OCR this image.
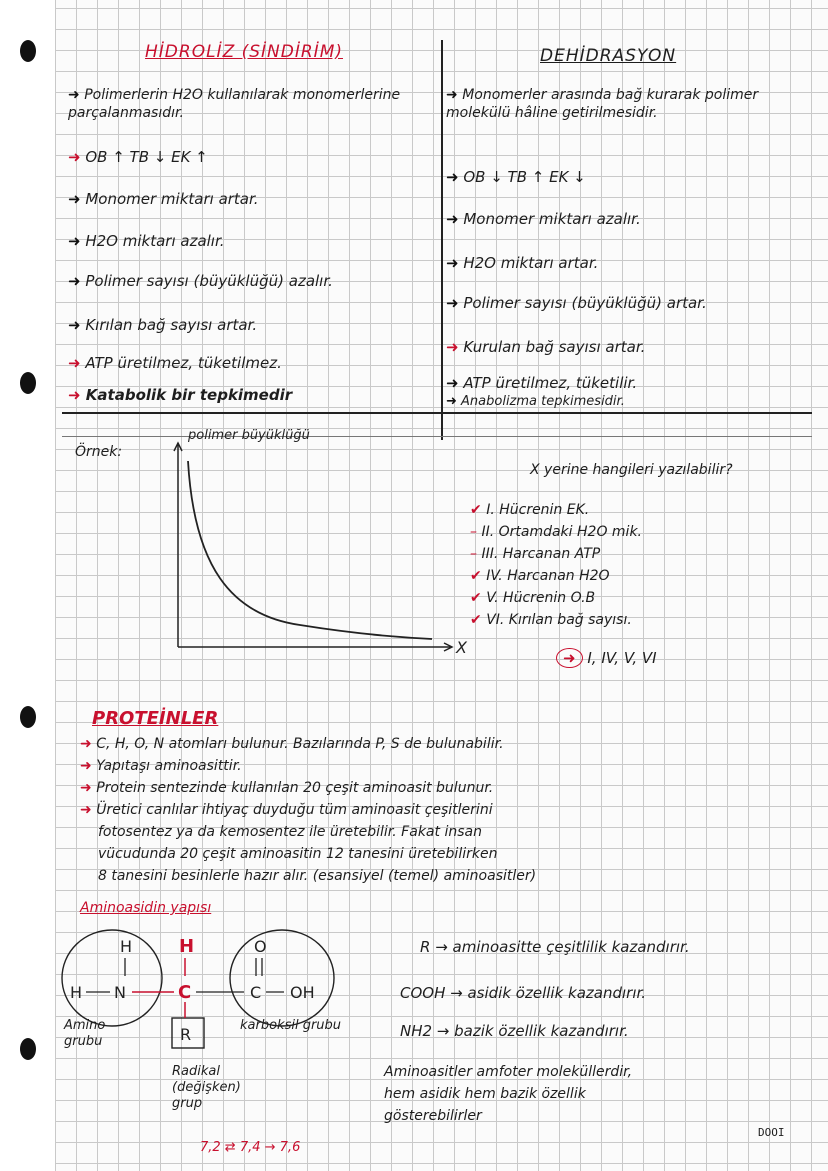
HİDROLİZ (SİNDİRİM)
➜ Polimerlerin H2O kullanılarak monomerlerine parçalanmasıdır.
➜ OB ↑ TB ↓ EK ↑
➜ Monomer miktarı artar.
➜ H2O miktarı azalır.
➜ Polimer sayısı (büyüklüğü) azalır.
➜ Kırılan bağ sayısı artar.
➜ ATP üretilmez, tüketilmez.
➜ Katabolik bir tepkimedir
DEHİDRASYON
➜ Monomerler arasında bağ kurarak polimer molekülü hâline getirilmesidir.
➜ OB ↓ TB ↑ EK ↓
➜ Monomer miktarı azalır.
➜ H2O miktarı artar.
➜ Polimer sayısı (büyüklüğü) artar.
➜ Kurulan bağ sayısı artar.
➜ ATP üretilmez, tüketilir.
➜ Anabolizma tepkimesidir.
Örnek:
polimer büyüklüğü
X
X yerine hangileri yazılabilir?
✔ I. Hücrenin EK.
– II. Ortamdaki H2O mik.
– III. Harcanan ATP
✔ IV. Harcanan H2O
✔ V. Hücrenin O.B
✔ VI. Kırılan bağ sayısı.
➜ I, IV, V, VI
PROTEİNLER
➜ C, H, O, N atomları bulunur. Bazılarında P, S de bulunabilir.
➜ Yapıtaşı aminoasittir.
➜ Protein sentezinde kullanılan 20 çeşit aminoasit bulunur.
➜ Üretici canlılar ihtiyaç duyduğu tüm aminoasit çeşitlerini
fotosentez ya da kemosentez ile üretebilir. Fakat insan
vücudunda 20 çeşit aminoasitin 12 tanesini üretebilirken
8 tanesini besinlerle hazır alır. (esansiyel (temel) aminoasitler)
Aminoasidin yapısı
H	H	O
H N	C	C OH
R
Amino grubu
karboksil grubu
Radikal (değişken) grup
7,2 ⇄ 7,4 → 7,6
R → aminoasitte çeşitlilik kazandırır.
COOH → asidik özellik kazandırır.
NH2 → bazik özellik kazandırır.
Aminoasitler amfoter moleküllerdir,
hem asidik hem bazik özellik
gösterebilirler
DOOI
